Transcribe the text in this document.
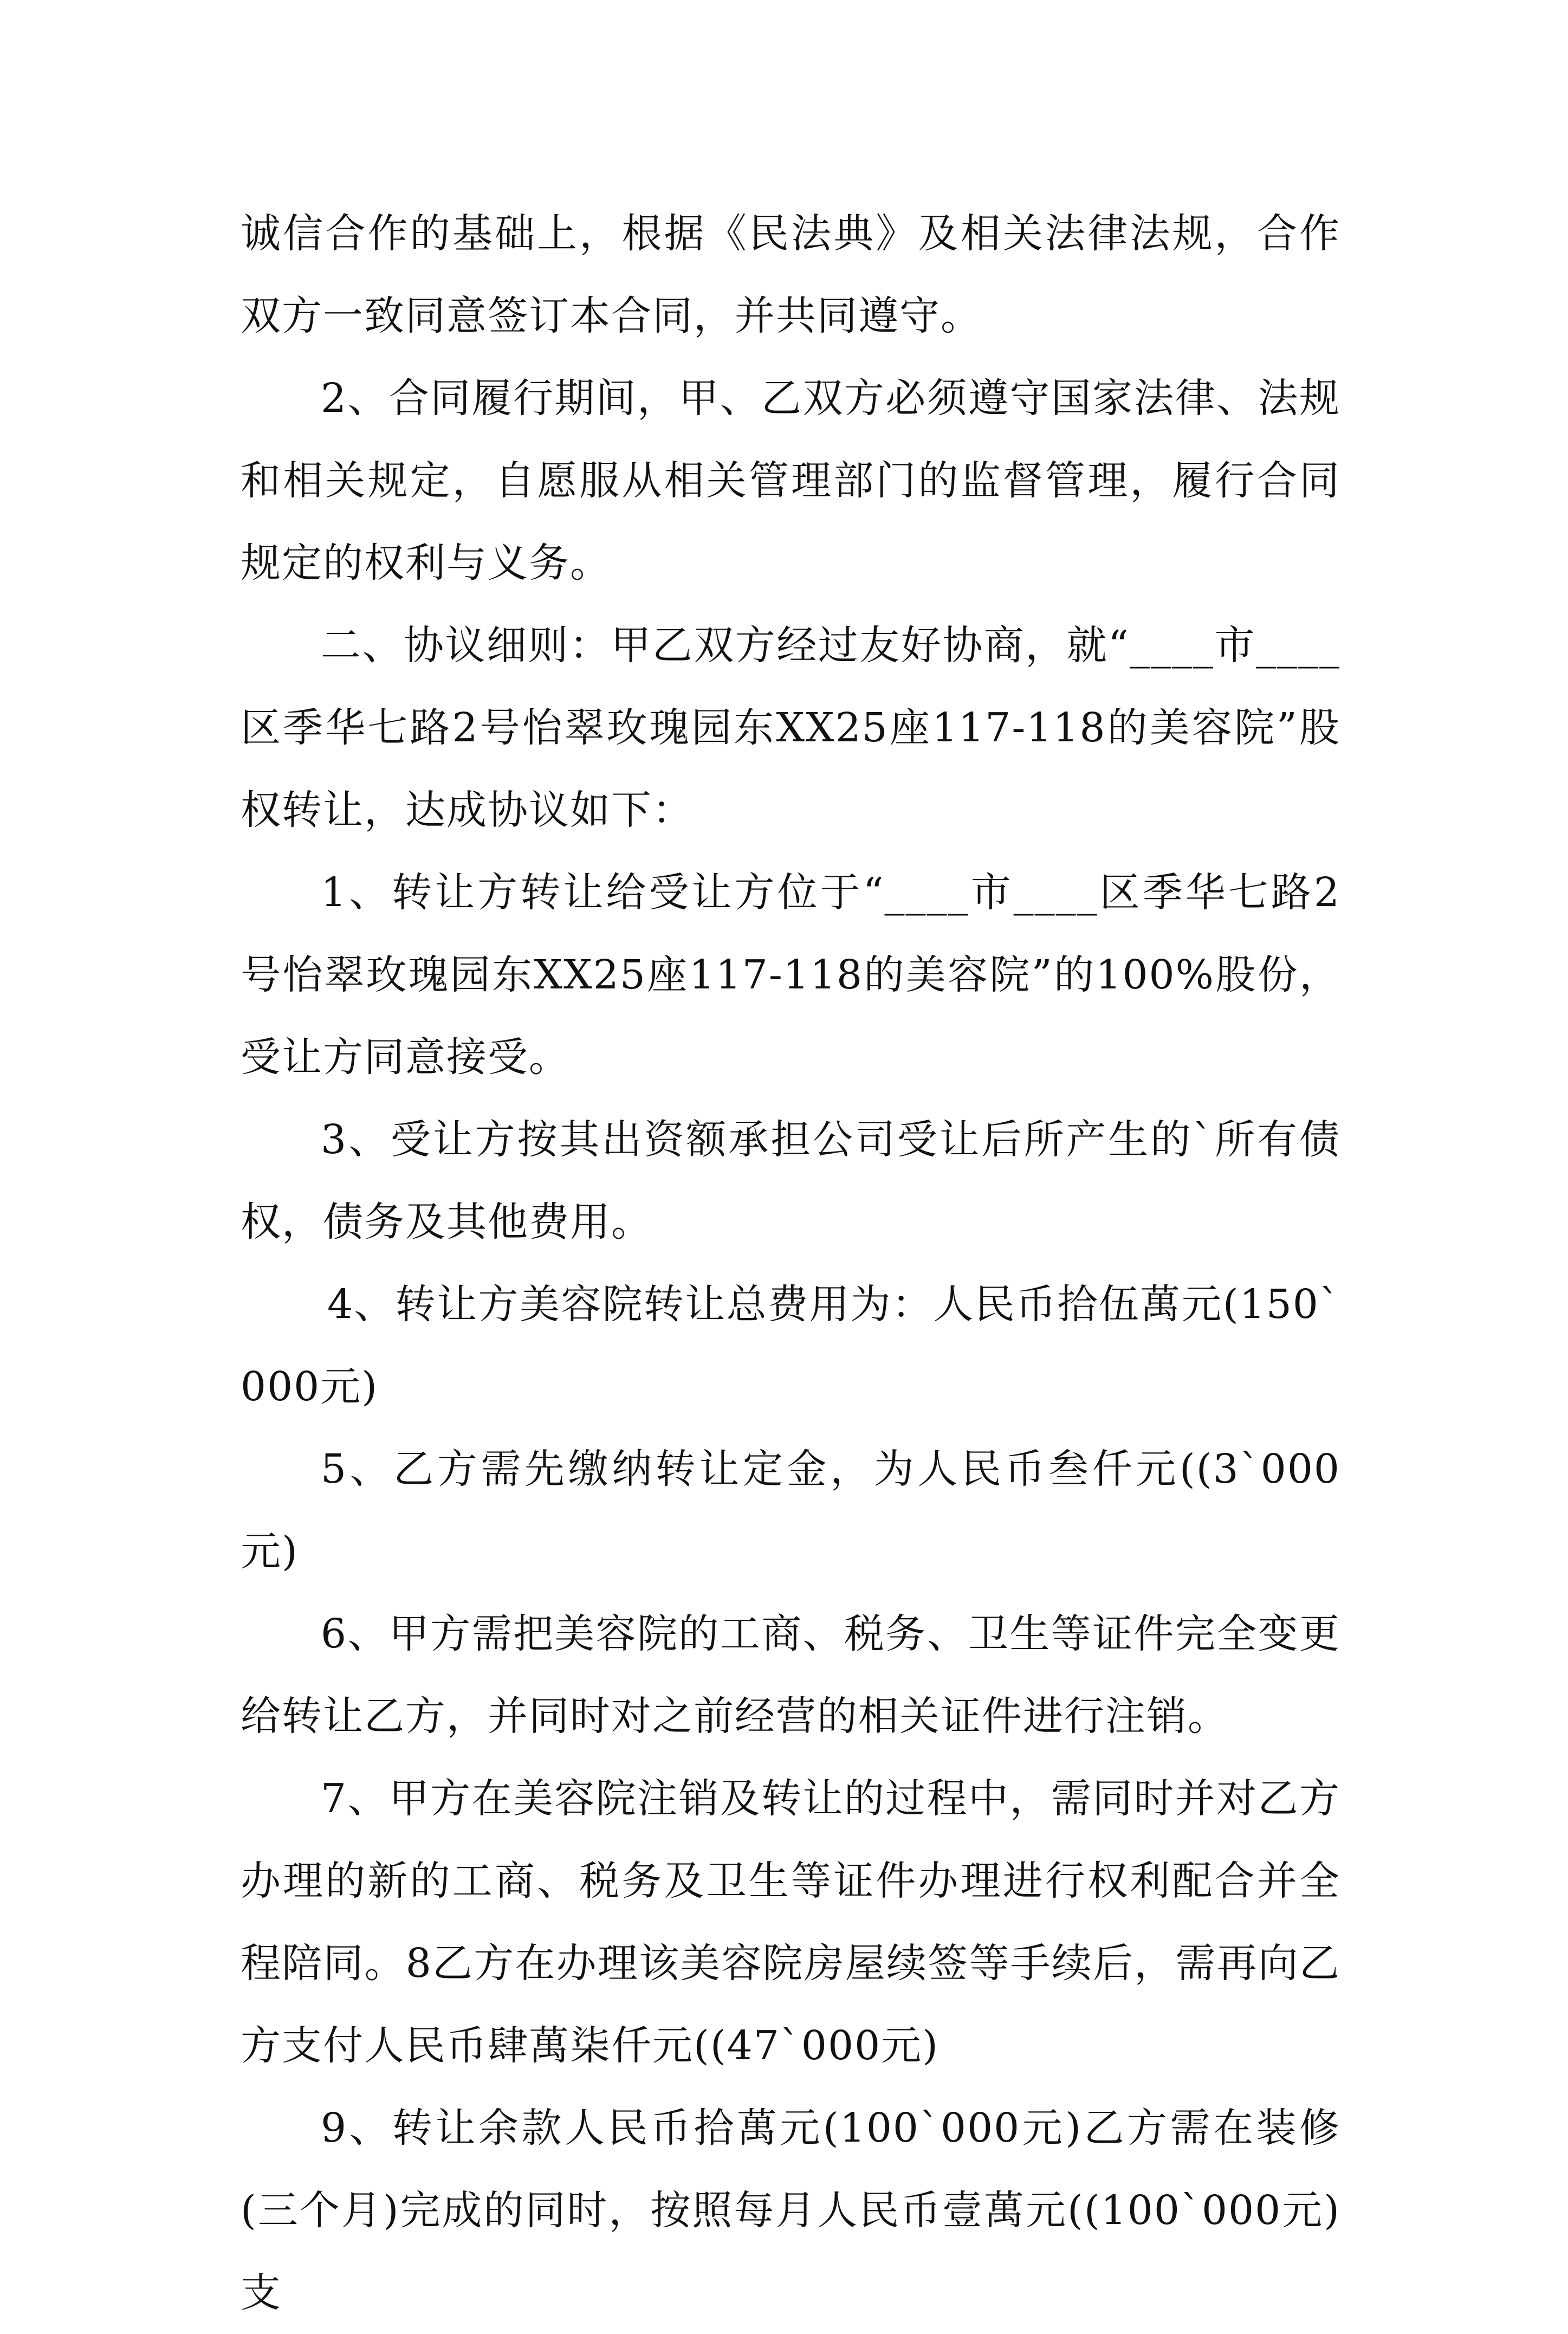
诚信合作的基础上，根据《民法典》及相关法律法规，合作双方一致同意签订本合同，并共同遵守。

2、合同履行期间，甲、乙双方必须遵守国家法律、法规和相关规定，自愿服从相关管理部门的监督管理，履行合同规定的权利与义务。

二、协议细则：甲乙双方经过友好协商，就“____市____区季华七路2号怡翠玫瑰园东XX25座117-118的美容院”股权转让，达成协议如下：

1、转让方转让给受让方位于“____市____区季华七路2号怡翠玫瑰园东XX25座117-118的美容院”的100%股份，受让方同意接受。

3、受让方按其出资额承担公司受让后所产生的`所有债权，债务及其他费用。

4、转让方美容院转让总费用为：人民币拾伍萬元(150`000元)

5、乙方需先缴纳转让定金，为人民币叁仟元((3`000元)

6、甲方需把美容院的工商、税务、卫生等证件完全变更给转让乙方，并同时对之前经营的相关证件进行注销。

7、甲方在美容院注销及转让的过程中，需同时并对乙方办理的新的工商、税务及卫生等证件办理进行权利配合并全程陪同。8乙方在办理该美容院房屋续签等手续后，需再向乙方支付人民币肆萬柒仟元((47`000元)

9、转让余款人民币拾萬元(100`000元)乙方需在装修(三个月)完成的同时，按照每月人民币壹萬元((100`000元)支
